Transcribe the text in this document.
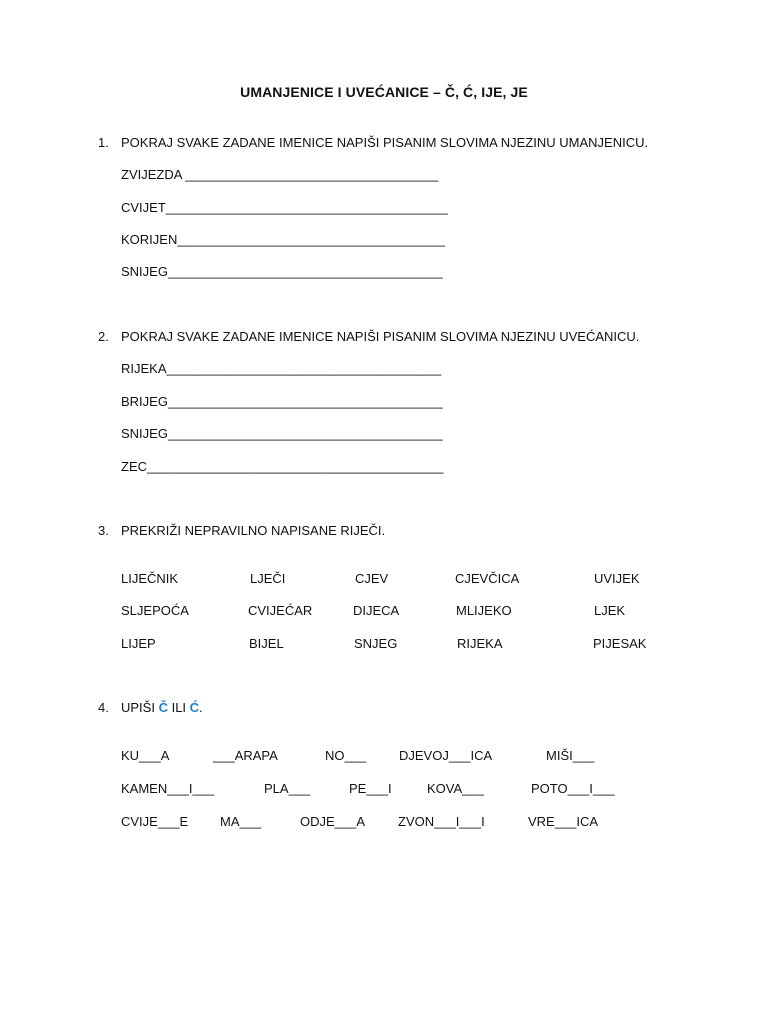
UMANJENICE I UVEĆANICE – Č, Ć, IJE, JE
1. POKRAJ SVAKE ZADANE IMENICE NAPIŠI PISANIM SLOVIMA NJEZINU UMANJENICU.
ZVIJEZDA ___________________________________
CVIJET_______________________________________
KORIJEN_____________________________________
SNIJEG______________________________________
2. POKRAJ SVAKE ZADANE IMENICE NAPIŠI PISANIM SLOVIMA NJEZINU UVEĆANICU.
RIJEKA______________________________________
BRIJEG______________________________________
SNIJEG______________________________________
ZEC_________________________________________
3. PREKRIŽI NEPRAVILNO NAPISANE RIJEČI.
LIJEČNIK	LJEČI	CJEV	CJEVČICA	UVIJEK
SLJEPOĆA	CVIJEĆAR	DIJECA	MLIJEKO	LJEK
LIJEP	BIJEL	SNJEG	RIJEKA	PIJESAK
4. UPIŠI Č ILI Ć.
KU___A	___ARAPA	NO___	DJEVOJ___ICA	MIŠI___
KAMEN___I___	PLA___	PE___I	KOVA___	POTO___I___
CVIJE___E MA___	ODJE___A	ZVON___I___I	VRE___ICA
